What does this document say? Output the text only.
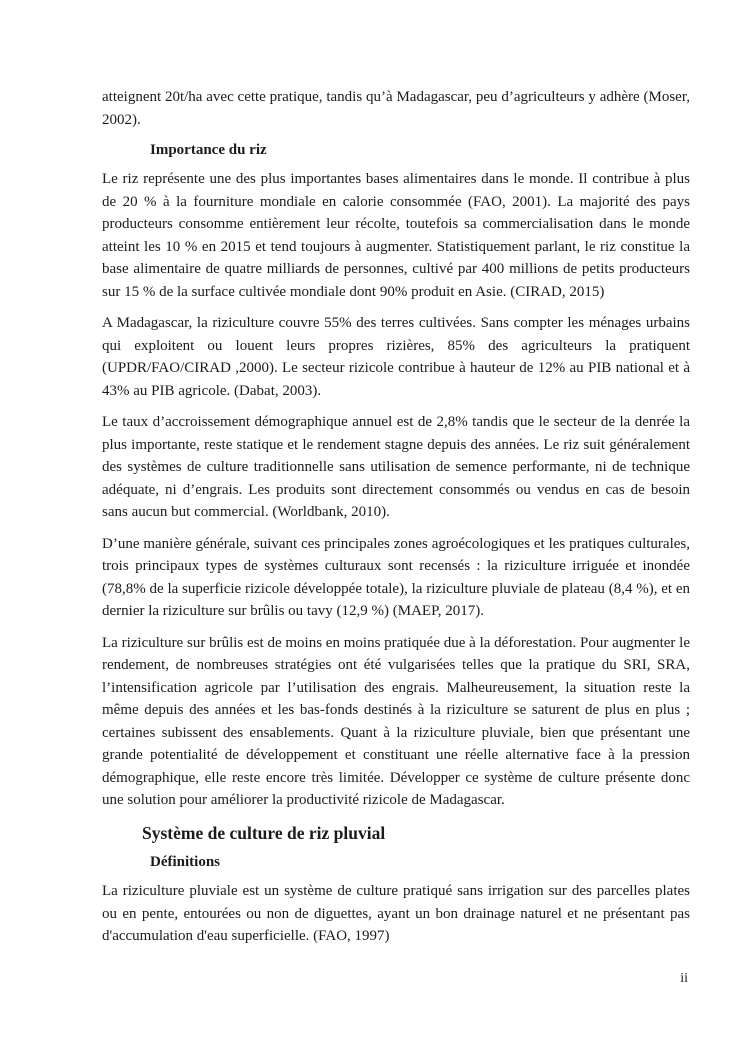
atteignent 20t/ha avec cette pratique, tandis qu’à Madagascar, peu d’agriculteurs y adhère (Moser, 2002).

Importance du riz

Le riz représente une des plus importantes bases alimentaires dans le monde. Il contribue à plus de 20 % à la fourniture mondiale en calorie consommée (FAO, 2001). La majorité des pays producteurs consomme entièrement leur récolte, toutefois sa commercialisation dans le monde atteint les 10 % en 2015 et tend toujours à augmenter. Statistiquement parlant, le riz constitue la base alimentaire de quatre milliards de personnes, cultivé par 400 millions de petits producteurs sur 15 % de la surface cultivée mondiale dont 90% produit en Asie. (CIRAD, 2015)

A Madagascar, la riziculture couvre 55% des terres cultivées. Sans compter les ménages urbains qui exploitent ou louent leurs propres rizières, 85% des agriculteurs la pratiquent (UPDR/FAO/CIRAD ,2000). Le secteur rizicole contribue à hauteur de 12% au PIB national et à 43% au PIB agricole. (Dabat, 2003).

Le taux d’accroissement démographique annuel est de 2,8% tandis que le secteur de la denrée la plus importante, reste statique et le rendement stagne depuis des années. Le riz suit généralement des systèmes de culture traditionnelle sans utilisation de semence performante, ni de technique adéquate, ni d’engrais. Les produits sont directement consommés ou vendus en cas de besoin sans aucun but commercial. (Worldbank, 2010).

D’une manière générale, suivant ces principales zones agroécologiques et les pratiques culturales, trois principaux types de systèmes culturaux sont recensés : la riziculture irriguée et inondée (78,8% de la superficie rizicole développée totale), la riziculture pluviale de plateau (8,4 %), et en dernier la riziculture sur brûlis ou tavy (12,9 %) (MAEP, 2017).

La riziculture sur brûlis est de moins en moins pratiquée due à la déforestation. Pour augmenter le rendement, de nombreuses stratégies ont été vulgarisées telles que la pratique du SRI, SRA, l’intensification agricole par l’utilisation des engrais. Malheureusement, la situation reste la même depuis des années et les bas-fonds destinés à la riziculture se saturent de plus en plus ; certaines subissent des ensablements. Quant à la riziculture pluviale, bien que présentant une grande potentialité de développement et constituant une réelle alternative face à la pression démographique, elle reste encore très limitée. Développer ce système de culture présente donc une solution pour améliorer la productivité rizicole de Madagascar.

Système de culture de riz pluvial
Définitions

La riziculture pluviale est un système de culture pratiqué sans irrigation sur des parcelles plates ou en pente, entourées ou non de diguettes, ayant un bon drainage naturel et ne présentant pas d'accumulation d'eau superficielle. (FAO, 1997)

ii
